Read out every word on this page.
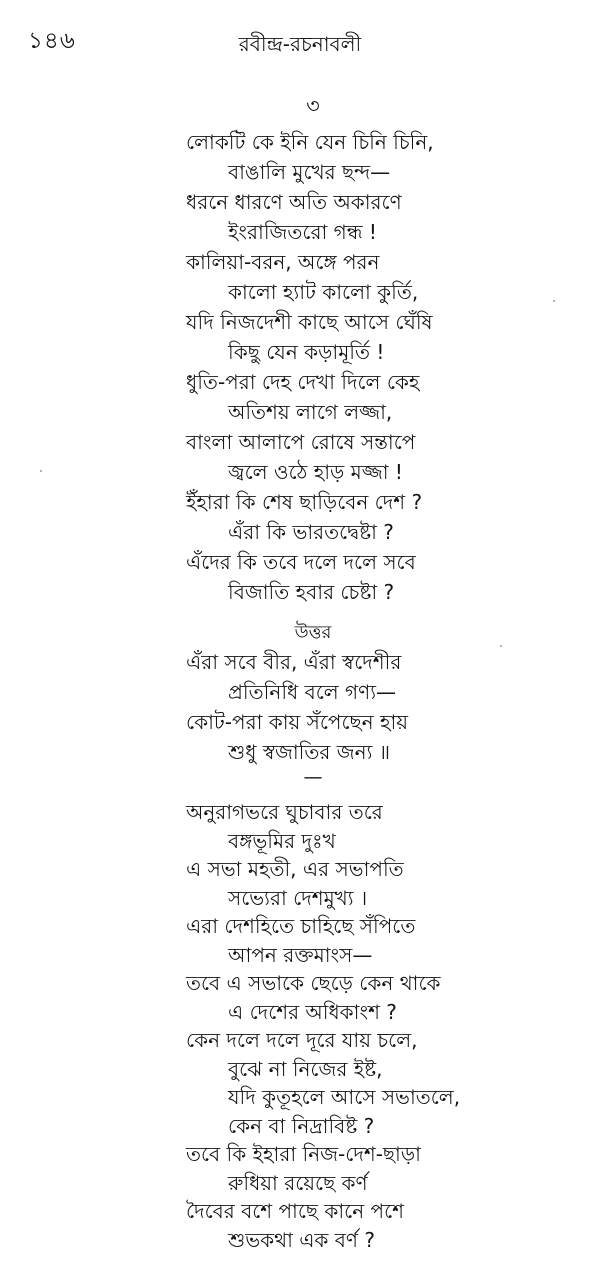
১৪৬	রবীন্দ্র-রচনাবলী
৩
লোকটি কে ইনি যেন চিনি চিনি,
বাঙালি মুখের ছন্দ—
ধরনে ধারণে অতি অকারণে
ইংরাজিতরো গন্ধ !
কালিয়া-বরন, অঙ্গে পরন
কালো হ্যাট কালো কুর্তি,
যদি নিজদেশী কাছে আসে ঘেঁষি
কিছু যেন কড়ামূর্তি !
ধুতি-পরা দেহ দেখা দিলে কেহ
অতিশয় লাগে লজ্জা,
বাংলা আলাপে রোষে সন্তাপে
জ্বলে ওঠে হাড় মজ্জা !
ইঁহারা কি শেষ ছাড়িবেন দেশ ?
এঁরা কি ভারতদ্বেষ্টা ?
এঁদের কি তবে দলে দলে সবে
বিজাতি হবার চেষ্টা ?
উত্তর
এঁরা সবে বীর, এঁরা স্বদেশীর
প্রতিনিধি বলে গণ্য—
কোট-পরা কায় সঁপেছেন হায়
শুধু স্বজাতির জন্য ॥
—
অনুরাগভরে ঘুচাবার তরে
বঙ্গভূমির দুঃখ
এ সভা মহতী, এর সভাপতি
সভ্যেরা দেশমুখ্য ।
এরা দেশহিতে চাহিছে সঁপিতে
আপন রক্তমাংস—
তবে এ সভাকে ছেড়ে কেন থাকে
এ দেশের অধিকাংশ ?
কেন দলে দলে দূরে যায় চলে,
বুঝে না নিজের ইষ্ট,
যদি কুতূহলে আসে সভাতলে,
কেন বা নিদ্রাবিষ্ট ?
তবে কি ইহারা নিজ-দেশ-ছাড়া
রুধিয়া রয়েছে কর্ণ
দৈবের বশে পাছে কানে পশে
শুভকথা এক বর্ণ ?
